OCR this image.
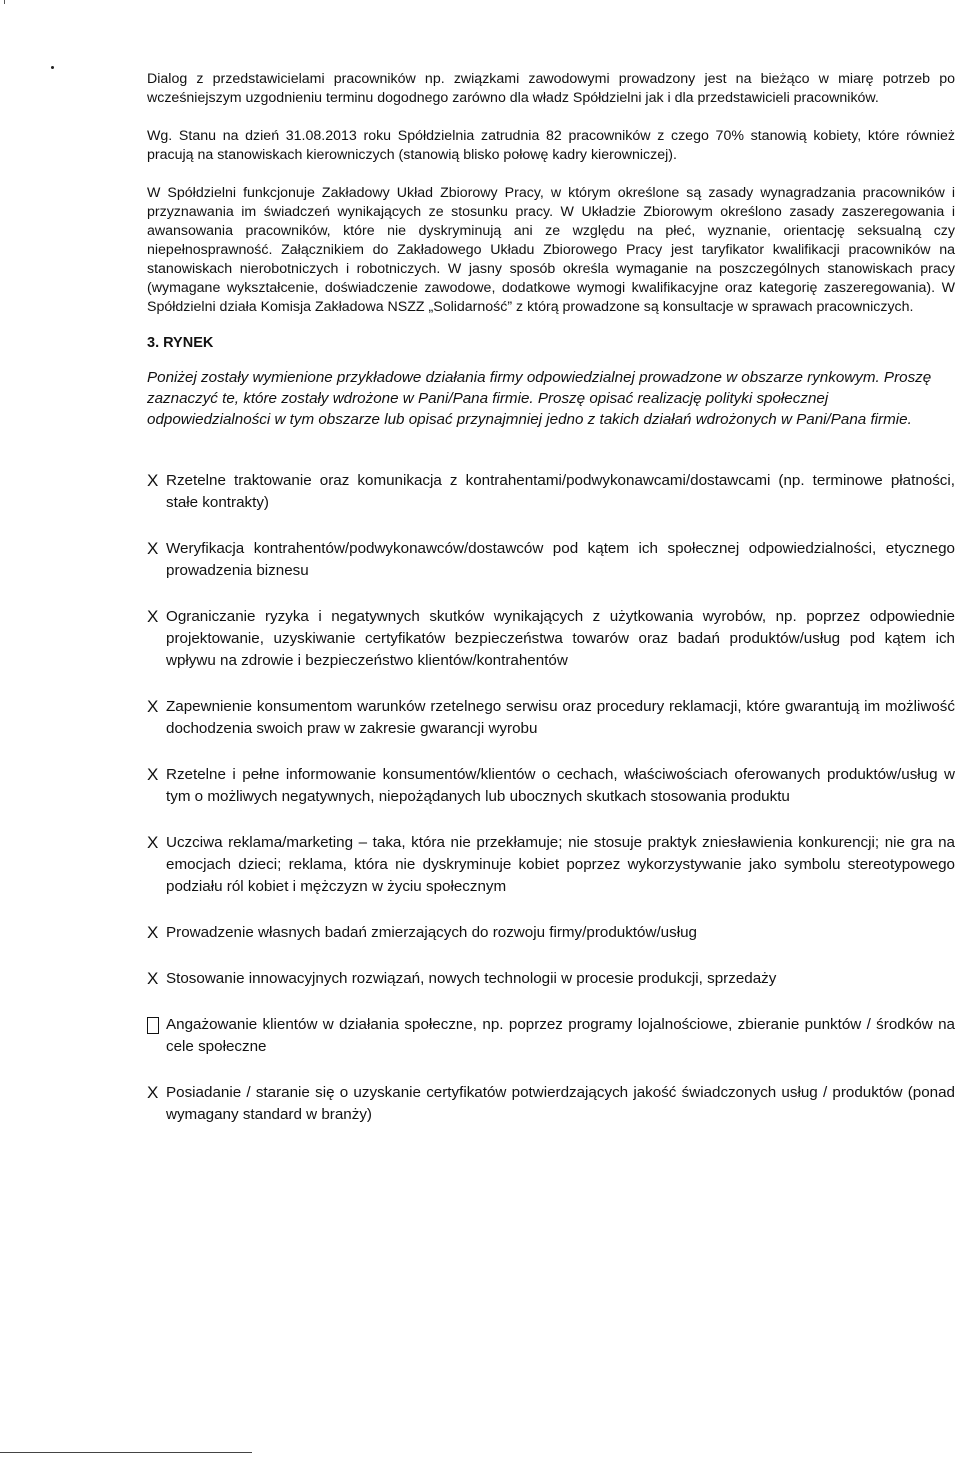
Dialog z przedstawicielami pracowników np. związkami zawodowymi prowadzony jest na bieżąco w miarę potrzeb po wcześniejszym uzgodnieniu terminu dogodnego zarówno dla władz Spółdzielni jak i dla przedstawicieli pracowników.

Wg. Stanu na dzień 31.08.2013 roku Spółdzielnia zatrudnia 82 pracowników z czego 70% stanowią kobiety, które również pracują na stanowiskach kierowniczych (stanowią blisko połowę kadry kierowniczej).

W Spółdzielni funkcjonuje Zakładowy Układ Zbiorowy Pracy, w którym określone są zasady wynagradzania pracowników i przyznawania im świadczeń wynikających ze stosunku pracy. W Układzie Zbiorowym określono zasady zaszeregowania i awansowania pracowników, które nie dyskryminują ani ze względu na płeć, wyznanie, orientację seksualną czy niepełnosprawność. Załącznikiem do Zakładowego Układu Zbiorowego Pracy jest taryfikator kwalifikacji pracowników na stanowiskach nierobotniczych i robotniczych. W jasny sposób określa wymaganie na poszczególnych stanowiskach pracy (wymagane wykształcenie, doświadczenie zawodowe, dodatkowe wymogi kwalifikacyjne oraz kategorię zaszeregowania). W Spółdzielni działa Komisja Zakładowa NSZZ „Solidarność” z którą prowadzone są konsultacje w sprawach pracowniczych.

3. RYNEK

Poniżej zostały wymienione przykładowe działania firmy odpowiedzialnej prowadzone w obszarze rynkowym. Proszę zaznaczyć te, które zostały wdrożone w Pani/Pana firmie. Proszę opisać realizację polityki społecznej odpowiedzialności w tym obszarze lub opisać przynajmniej jedno z takich działań wdrożonych w Pani/Pana firmie.

X Rzetelne traktowanie oraz komunikacja z kontrahentami/podwykonawcami/dostawcami (np. terminowe płatności, stałe kontrakty)
X Weryfikacja kontrahentów/podwykonawców/dostawców pod kątem ich społecznej odpowiedzialności, etycznego prowadzenia biznesu
X Ograniczanie ryzyka i negatywnych skutków wynikających z użytkowania wyrobów, np. poprzez odpowiednie projektowanie, uzyskiwanie certyfikatów bezpieczeństwa towarów oraz badań produktów/usług pod kątem ich wpływu na zdrowie i bezpieczeństwo klientów/kontrahentów
X Zapewnienie konsumentom warunków rzetelnego serwisu oraz procedury reklamacji, które gwarantują im możliwość dochodzenia swoich praw w zakresie gwarancji wyrobu
X Rzetelne i pełne informowanie konsumentów/klientów o cechach, właściwościach oferowanych produktów/usług w tym o możliwych negatywnych, niepożądanych lub ubocznych skutkach stosowania produktu
X Uczciwa reklama/marketing – taka, która nie przekłamuje; nie stosuje praktyk zniesławienia konkurencji; nie gra na emocjach dzieci; reklama, która nie dyskryminuje kobiet poprzez wykorzystywanie jako symbolu stereotypowego podziału ról kobiet i mężczyzn w życiu społecznym
X Prowadzenie własnych badań zmierzających do rozwoju firmy/produktów/usług
X Stosowanie innowacyjnych rozwiązań, nowych technologii w procesie produkcji, sprzedaży
Angażowanie klientów w działania społeczne, np. poprzez programy lojalnościowe, zbieranie punktów / środków na cele społeczne
X Posiadanie / staranie się o uzyskanie certyfikatów potwierdzających jakość świadczonych usług / produktów (ponad wymagany standard w branży)
